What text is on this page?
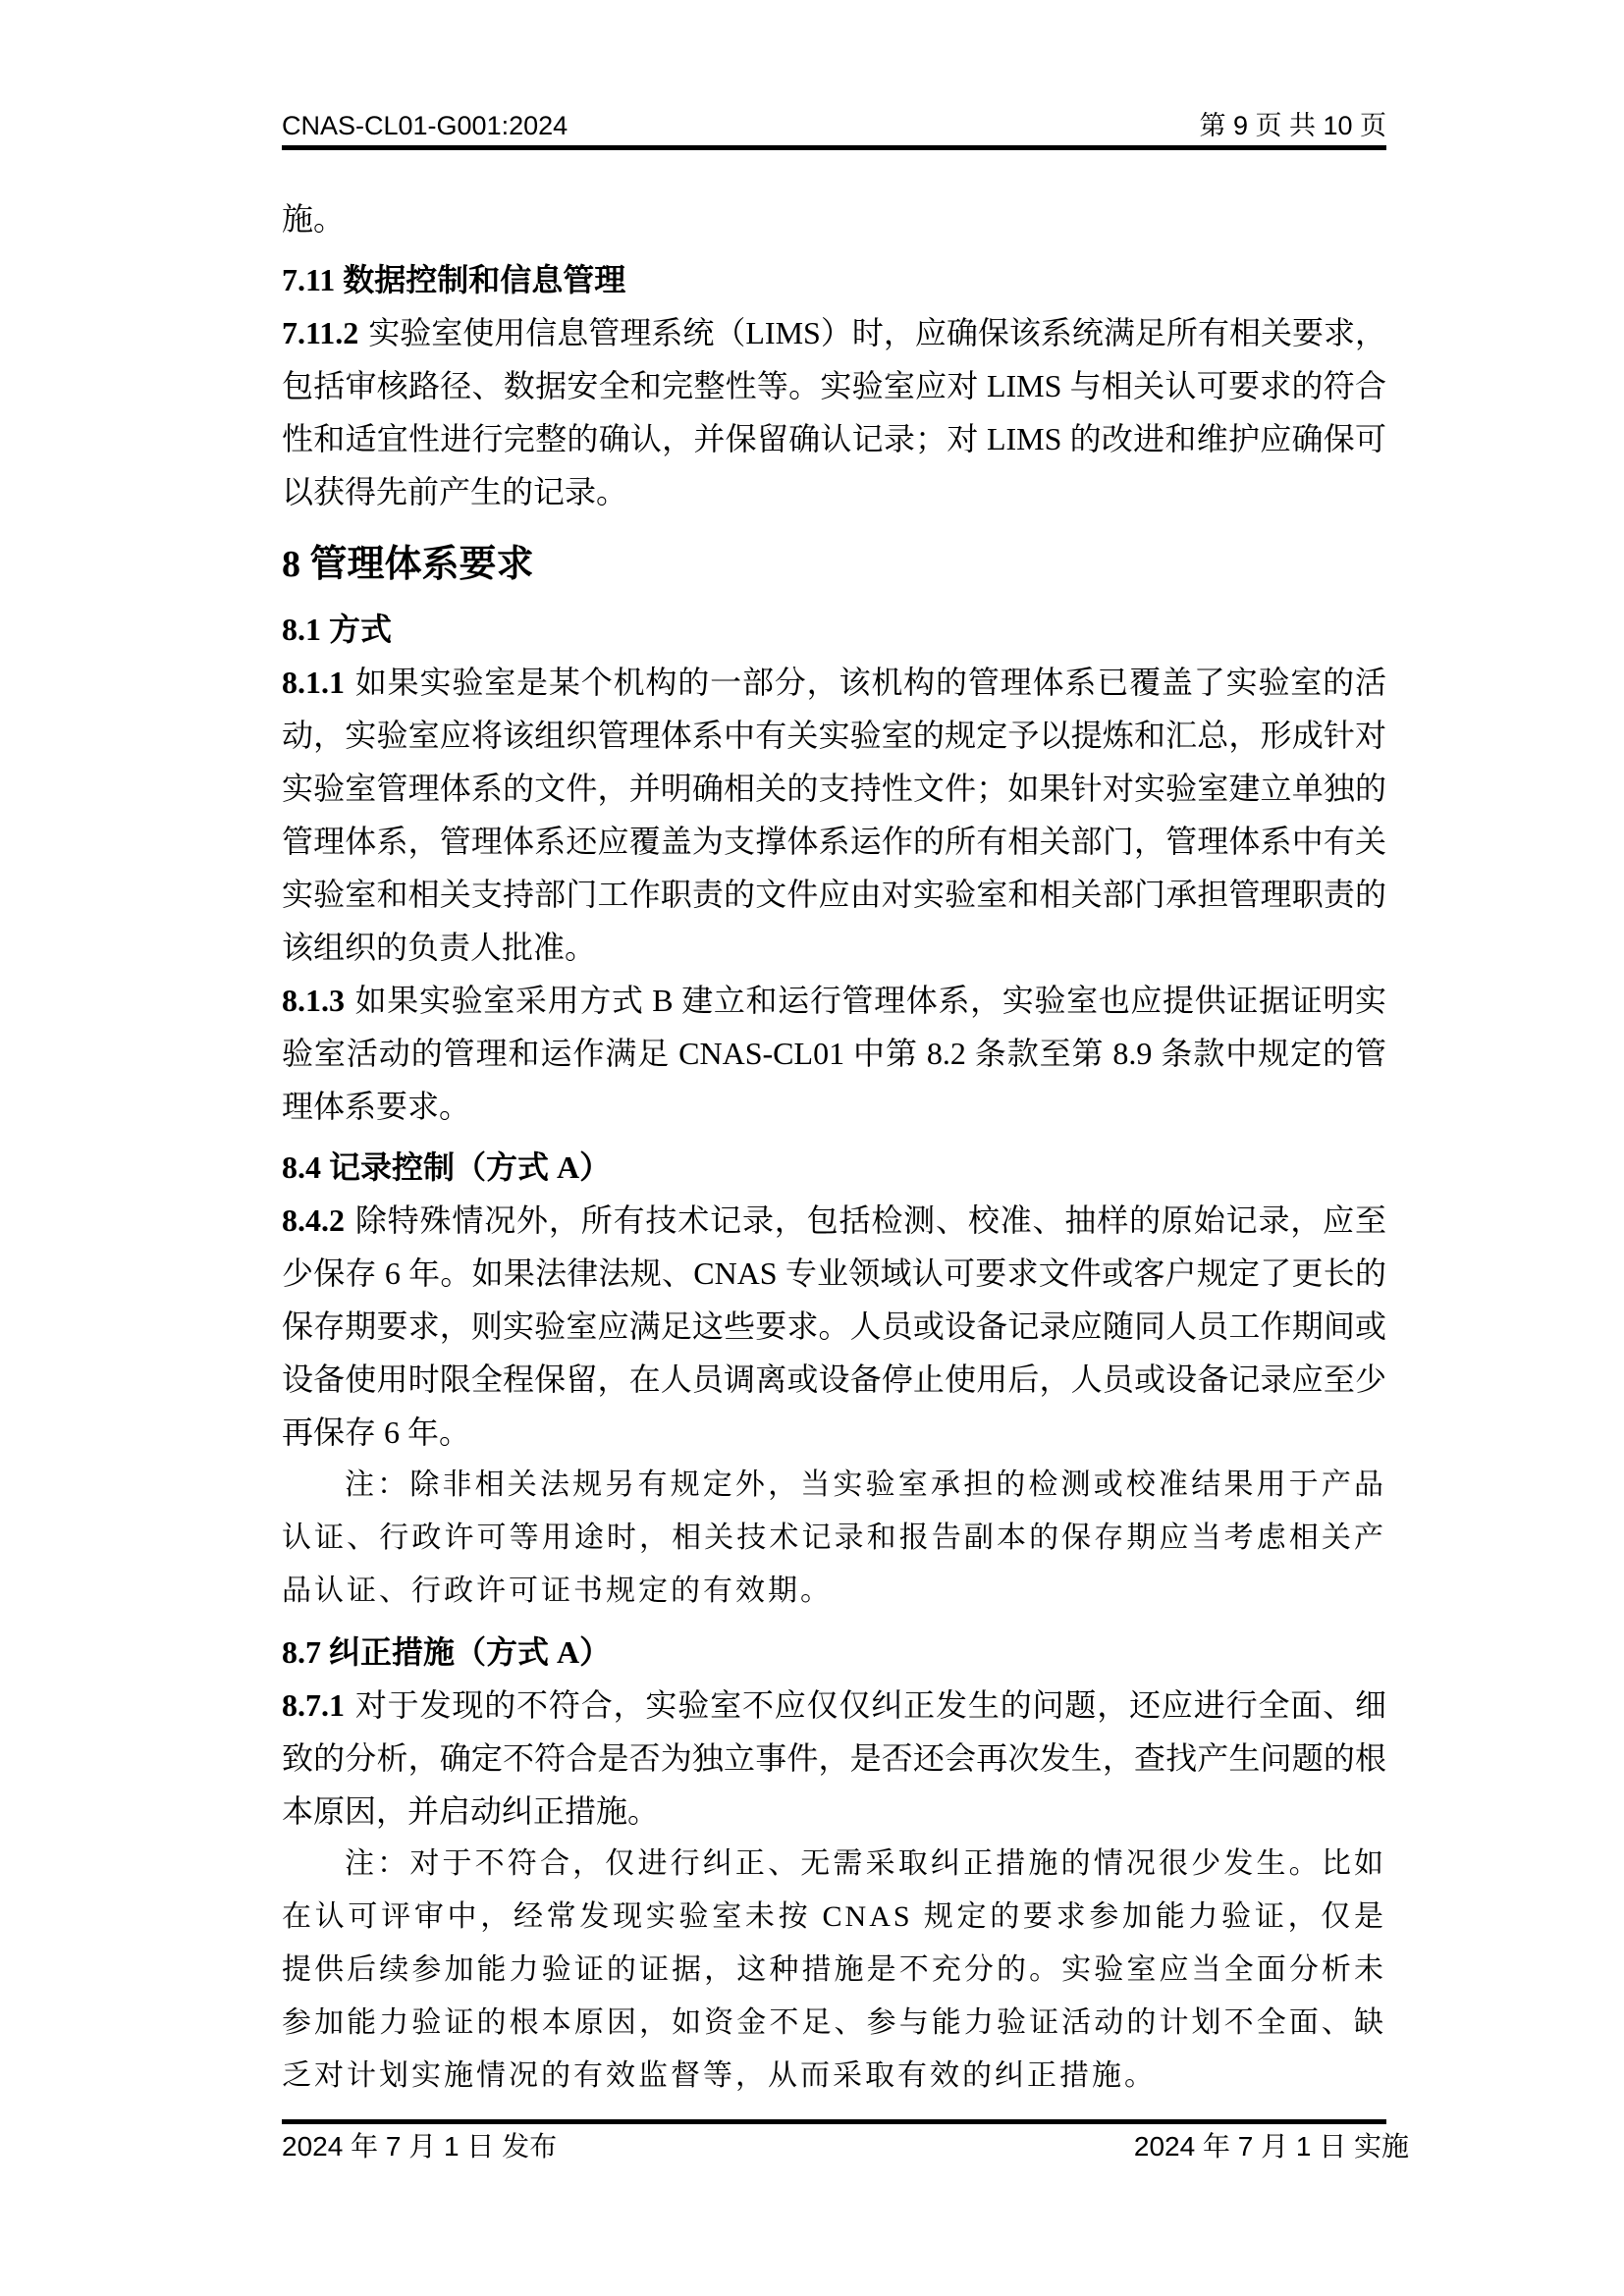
CNAS-CL01-G001:2024	第 9 页 共 10 页

施。

7.11 数据控制和信息管理

7.11.2 实验室使用信息管理系统（LIMS）时，应确保该系统满足所有相关要求，包括审核路径、数据安全和完整性等。实验室应对 LIMS 与相关认可要求的符合性和适宜性进行完整的确认，并保留确认记录；对 LIMS 的改进和维护应确保可以获得先前产生的记录。

8 管理体系要求
8.1 方式

8.1.1 如果实验室是某个机构的一部分，该机构的管理体系已覆盖了实验室的活动，实验室应将该组织管理体系中有关实验室的规定予以提炼和汇总，形成针对实验室管理体系的文件，并明确相关的支持性文件；如果针对实验室建立单独的管理体系，管理体系还应覆盖为支撑体系运作的所有相关部门，管理体系中有关实验室和相关支持部门工作职责的文件应由对实验室和相关部门承担管理职责的该组织的负责人批准。

8.1.3 如果实验室采用方式 B 建立和运行管理体系，实验室也应提供证据证明实验室活动的管理和运作满足 CNAS-CL01 中第 8.2 条款至第 8.9 条款中规定的管理体系要求。

8.4 记录控制（方式 A）

8.4.2 除特殊情况外，所有技术记录，包括检测、校准、抽样的原始记录，应至少保存 6 年。如果法律法规、CNAS 专业领域认可要求文件或客户规定了更长的保存期要求，则实验室应满足这些要求。人员或设备记录应随同人员工作期间或设备使用时限全程保留，在人员调离或设备停止使用后，人员或设备记录应至少再保存 6 年。

注：除非相关法规另有规定外，当实验室承担的检测或校准结果用于产品认证、行政许可等用途时，相关技术记录和报告副本的保存期应当考虑相关产品认证、行政许可证书规定的有效期。

8.7 纠正措施（方式 A）

8.7.1 对于发现的不符合，实验室不应仅仅纠正发生的问题，还应进行全面、细致的分析，确定不符合是否为独立事件，是否还会再次发生，查找产生问题的根本原因，并启动纠正措施。

注：对于不符合，仅进行纠正、无需采取纠正措施的情况很少发生。比如在认可评审中，经常发现实验室未按 CNAS 规定的要求参加能力验证，仅是提供后续参加能力验证的证据，这种措施是不充分的。实验室应当全面分析未参加能力验证的根本原因，如资金不足、参与能力验证活动的计划不全面、缺乏对计划实施情况的有效监督等，从而采取有效的纠正措施。

2024 年 7 月 1 日 发布	2024 年 7 月 1 日 实施
